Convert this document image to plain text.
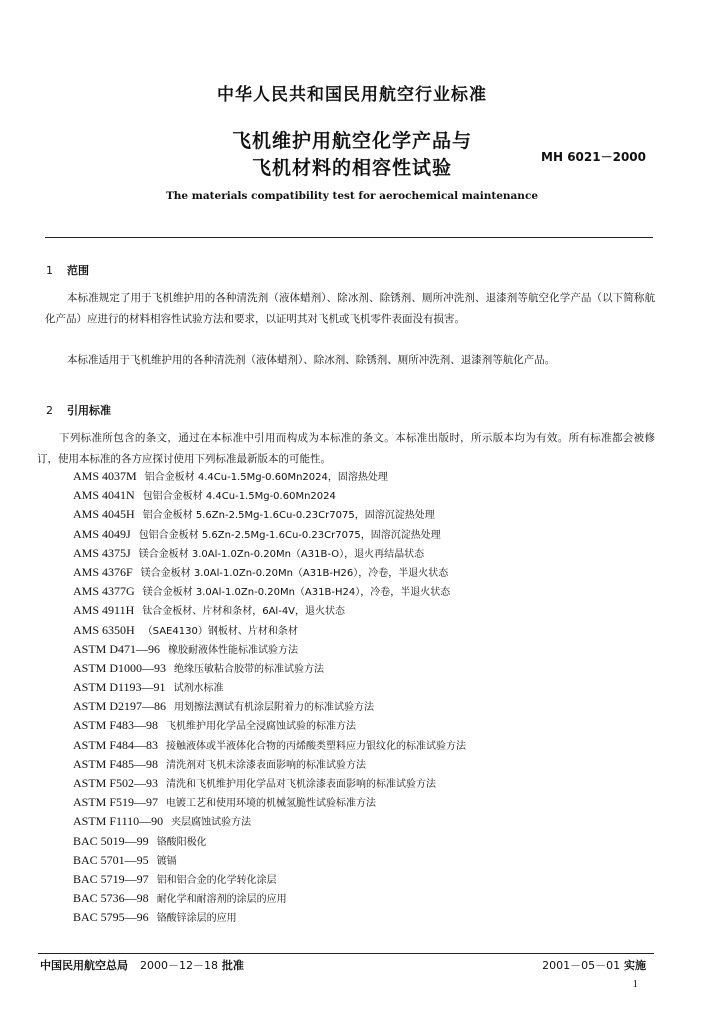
中华人民共和国民用航空行业标准
飞机维护用航空化学产品与
飞机材料的相容性试验	MH 6021－2000
The materials compatibility test for aerochemical maintenance
1 范围
本标准规定了用于飞机维护用的各种清洗剂（液体蜡剂）、除冰剂、除锈剂、厕所冲洗剂、退漆剂等航空化学产品（以下简称航化产品）应进行的材料相容性试验方法和要求，以证明其对飞机或飞机零件表面没有损害。
本标准适用于飞机维护用的各种清洗剂（液体蜡剂）、除冰剂、除锈剂、厕所冲洗剂、退漆剂等航化产品。
2 引用标准
下列标准所包含的条文，通过在本标准中引用而构成为本标准的条文。本标准出版时，所示版本均为有效。所有标准都会被修订，使用本标准的各方应探讨使用下列标准最新版本的可能性。
AMS 4037M 铝合金板材 4.4Cu-1.5Mg-0.60Mn2024，固溶热处理
AMS 4041N 包铝合金板材 4.4Cu-1.5Mg-0.60Mn2024
AMS 4045H 铝合金板材 5.6Zn-2.5Mg-1.6Cu-0.23Cr7075，固溶沉淀热处理
AMS 4049J 包铝合金板材 5.6Zn-2.5Mg-1.6Cu-0.23Cr7075，固溶沉淀热处理
AMS 4375J 镁合金板材 3.0Al-1.0Zn-0.20Mn（A31B-O），退火再结晶状态
AMS 4376F 镁合金板材 3.0Al-1.0Zn-0.20Mn（A31B-H26），冷卷，半退火状态
AMS 4377G 镁合金板材 3.0Al-1.0Zn-0.20Mn（A31B-H24），冷卷，半退火状态
AMS 4911H 钛合金板材、片材和条材，6Al-4V，退火状态
AMS 6350H （SAE4130）钢板材、片材和条材
ASTM D471—96 橡胶耐液体性能标准试验方法
ASTM D1000—93 绝缘压敏粘合胶带的标准试验方法
ASTM D1193—91 试剂水标准
ASTM D2197—86 用划擦法测试有机涂层附着力的标准试验方法
ASTM F483—98 飞机维护用化学品全浸腐蚀试验的标准方法
ASTM F484—83 接触液体或半液体化合物的丙烯酸类塑料应力银纹化的标准试验方法
ASTM F485—98 清洗剂对飞机未涂漆表面影响的标准试验方法
ASTM F502—93 清洗和飞机维护用化学品对飞机涂漆表面影响的标准试验方法
ASTM F519—97 电镀工艺和使用环境的机械氢脆性试验标准方法
ASTM F1110—90 夹层腐蚀试验方法
BAC 5019—99 铬酸阳极化
BAC 5701—95 镀镉
BAC 5719—97 铝和铝合金的化学转化涂层
BAC 5736—98 耐化学和耐溶剂的涂层的应用
BAC 5795—96 铬酸锌涂层的应用
中国民用航空总局 2000－12－18 批准	2001－05－01 实施
1
